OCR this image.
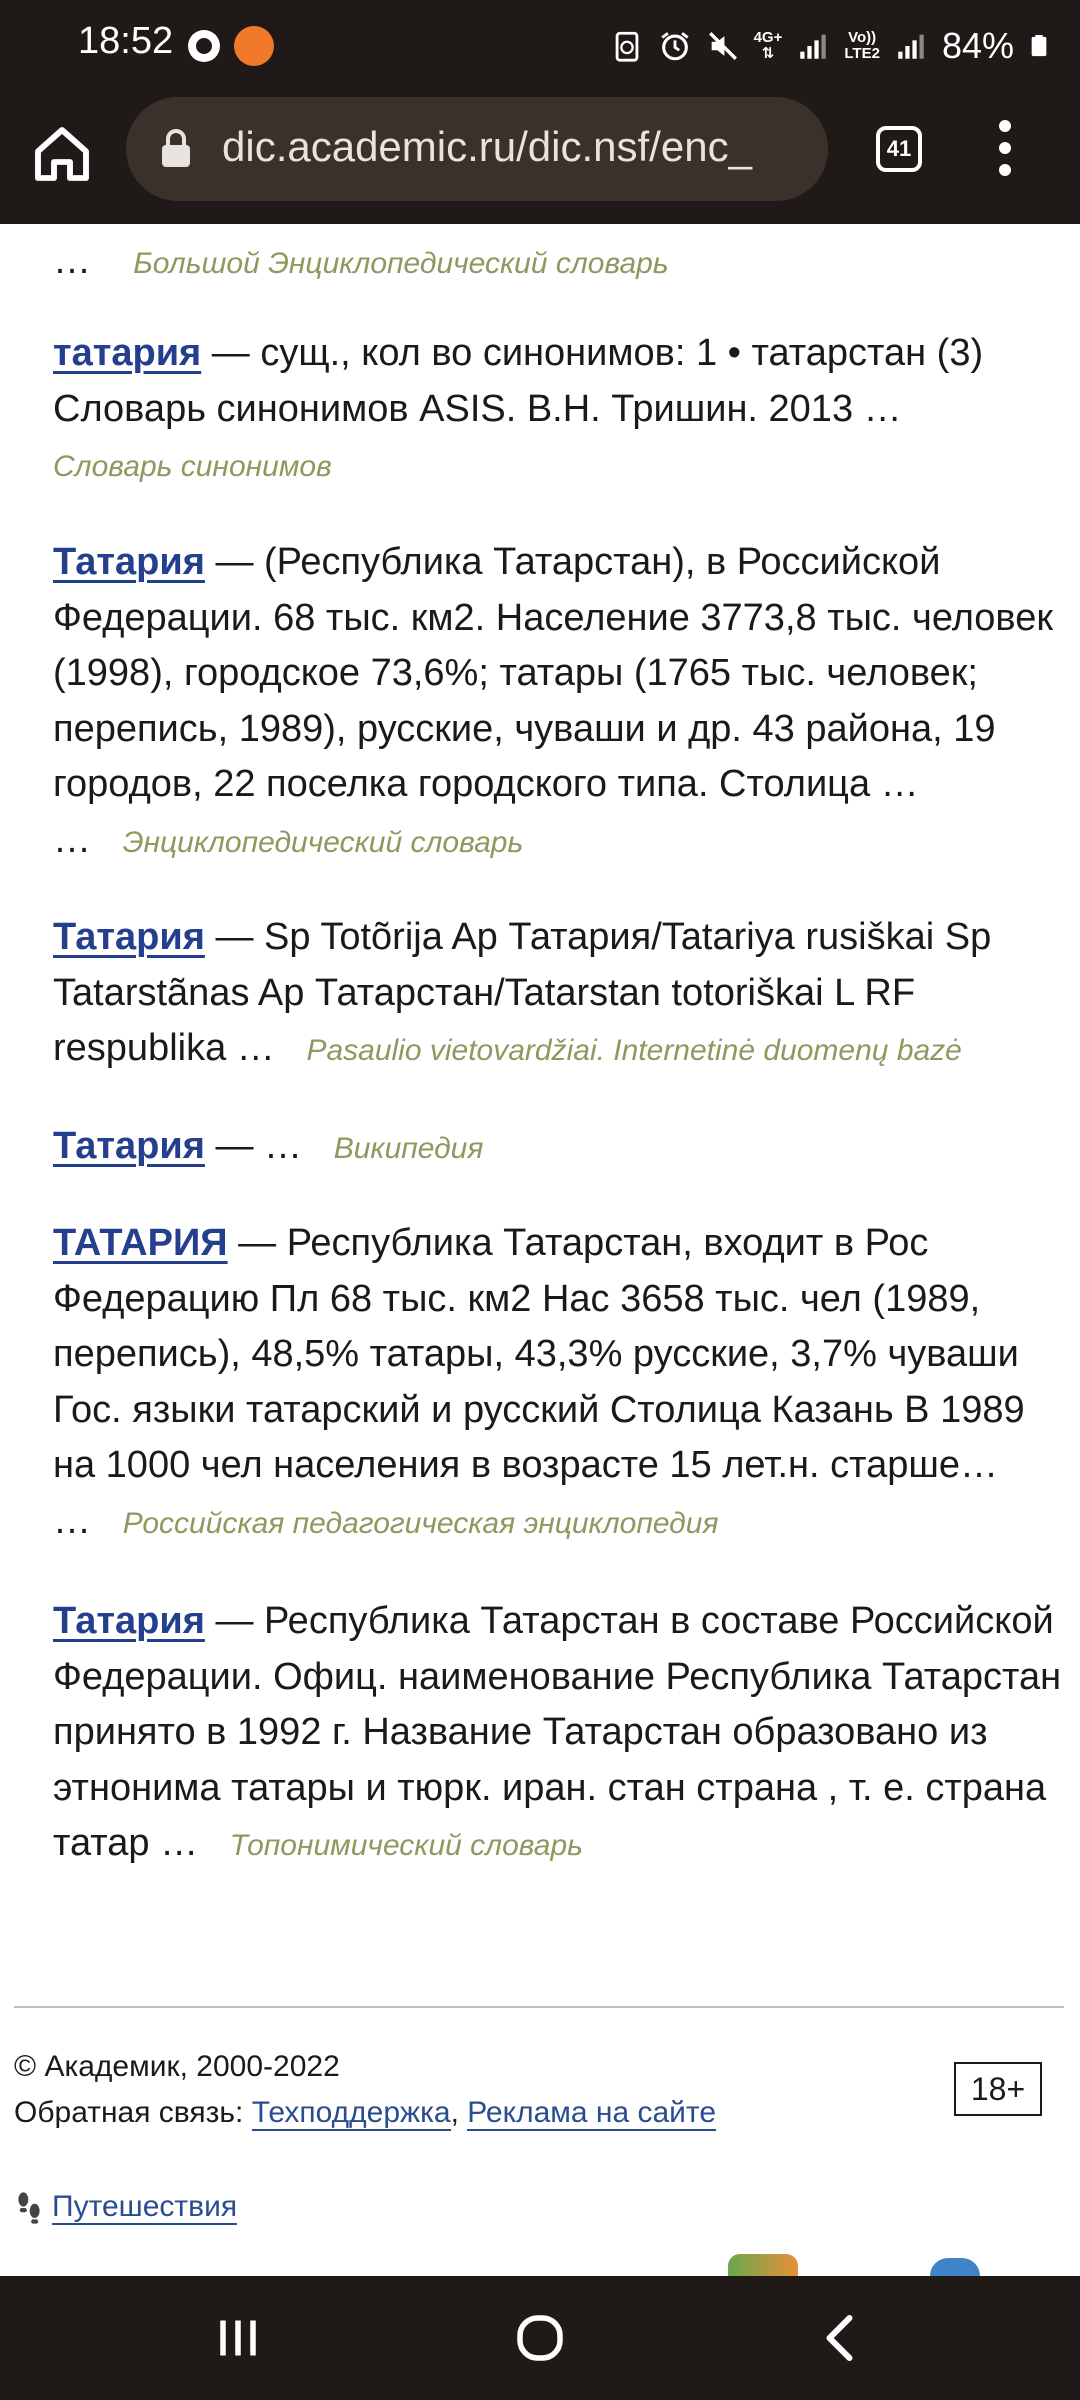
18:52	4G+
⇅
Vo))
LTE2 84%
dic.academic.ru/dic.nsf/enc_	41
… Большой Энциклопедический словарь
татария — сущ., кол во синонимов: 1 • татарстан (3) Словарь синонимов ASIS. В.Н. Тришин. 2013 …
Словарь синонимов
Татария — (Республика Татарстан), в Российской Федерации. 68 тыс. км2. Население 3773,8 тыс. человек (1998), городское 73,6%; татары (1765 тыс. человек; перепись, 1989), русские, чуваши и др. 43 района, 19 городов, 22 поселка городского типа. Столица … … Энциклопедический словарь
Татария — Sp Totõrija Ap Татария/Tatariya rusiškai Sp Tatarstãnas Ap Татарстан/Tatarstan totoriškai L RF respublika … Pasaulio vietovardžiai. Internetinė duomenų bazė
Татария — … Википедия
ТАТАРИЯ — Республика Татарстан, входит в Рос Федерацию Пл 68 тыс. км2 Нас 3658 тыс. чел (1989, перепись), 48,5% татары, 43,3% русские, 3,7% чуваши Гос. языки татарский и русский Столица Казань В 1989 на 1000 чел населения в возрасте 15 лет.н. старше… … Российская педагогическая энциклопедия
Татария — Республика Татарстан в составе Российской Федерации. Офиц. наименование Республика Татарстан принято в 1992 г. Название Татарстан образовано из этнонима татары и тюрк. иран. стан страна , т. е. страна татар … Топонимический словарь
© Академик, 2000-2022
Обратная связь: Техподдержка, Реклама на сайте
18+
Путешествия
